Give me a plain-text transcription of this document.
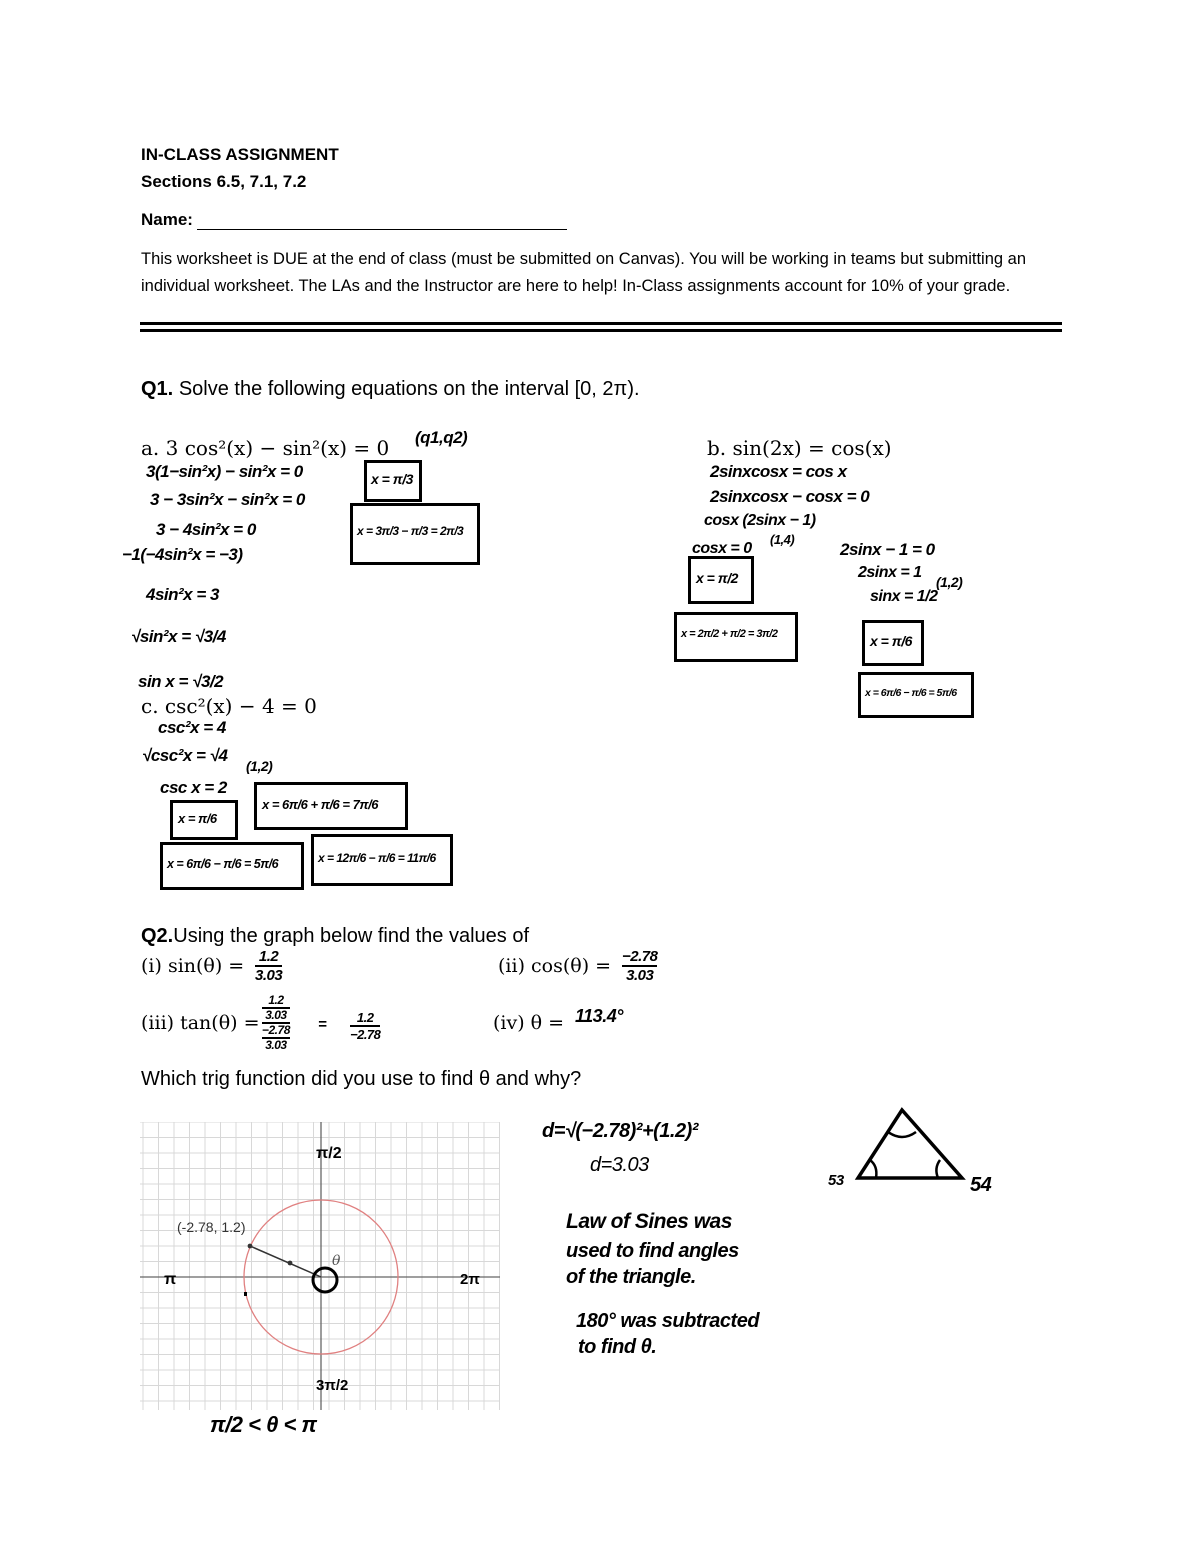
IN-CLASS ASSIGNMENT
Sections 6.5, 7.1, 7.2
Name:
This worksheet is DUE at the end of class (must be submitted on Canvas). You will be working in teams but submitting an individual worksheet. The LAs and the Instructor are here to help! In-Class assignments account for 10% of your grade.
Q1. Solve the following equations on the interval [0, 2π).
a. 3 cos²(x) − sin²(x) = 0 (q1,q2)
3(1−sin²x) − sin²x = 0
3 − 3sin²x − sin²x = 0
3 − 4sin²x = 0
−1(−4sin²x = −3)
4sin²x = 3
√sin²x = √3/4
sin x = √3/2
x = π/3
x = 3π/3 − π/3 = 2π/3
b. sin(2x) = cos(x)
2sinxcosx = cos x
2sinxcosx − cosx = 0
cosx (2sinx − 1)
cosx = 0
(1,4)
2sinx − 1 = 0
2sinx = 1
sinx = 1/2
(1,2)
x = π/2
x = 2π/2 + π/2 = 3π/2	x = π/6
x = 6π/6 − π/6 = 5π/6
c. csc²(x) − 4 = 0
csc²x = 4
√csc²x = √4
csc x = 2
(1,2)
x = π/6
x = 6π/6 + π/6 = 7π/6
x = 6π/6 − π/6 = 5π/6	x = 12π/6 − π/6 = 11π/6
Q2.Using the graph below find the values of
(i) $\sin(\theta) = \frac{1.2}{3.03}$	(ii) $\cos(\theta) = \frac{-2.78}{3.03}$
(iii) tan(θ) =
1.2
3.03
−2.78
3.03
= $\frac{1.2}{-2.78}$	(iv) θ = 113.4°
Which trig function did you use to find θ and why?
(-2.78, 1.2)
θ
π/2
3π/2
π	2π
π/2 < θ < π
d=√(−2.78)²+(1.2)²
d=3.03
53	54
Law of Sines was
used to find angles
of the triangle.
180° was subtracted
to find θ.
